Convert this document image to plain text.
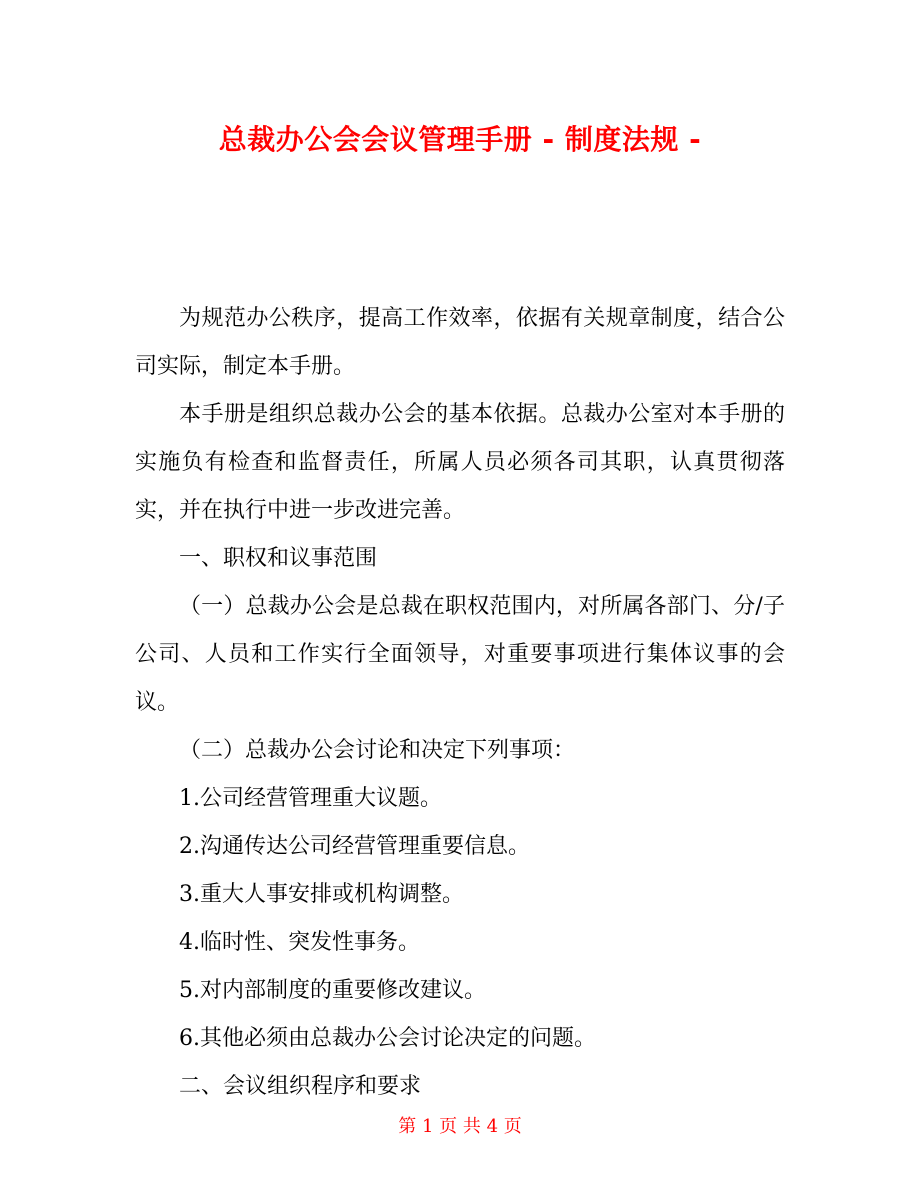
总裁办公会会议管理手册 - 制度法规 -

为规范办公秩序，提高工作效率，依据有关规章制度，结合公司实际，制定本手册。

本手册是组织总裁办公会的基本依据。总裁办公室对本手册的实施负有检查和监督责任，所属人员必须各司其职，认真贯彻落实，并在执行中进一步改进完善。

一、职权和议事范围

（一）总裁办公会是总裁在职权范围内，对所属各部门、分/子公司、人员和工作实行全面领导，对重要事项进行集体议事的会议。

（二）总裁办公会讨论和决定下列事项：

1.公司经营管理重大议题。

2.沟通传达公司经营管理重要信息。

3.重大人事安排或机构调整。

4.临时性、突发性事务。

5.对内部制度的重要修改建议。

6.其他必须由总裁办公会讨论决定的问题。

二、会议组织程序和要求

第 1 页 共 4 页
